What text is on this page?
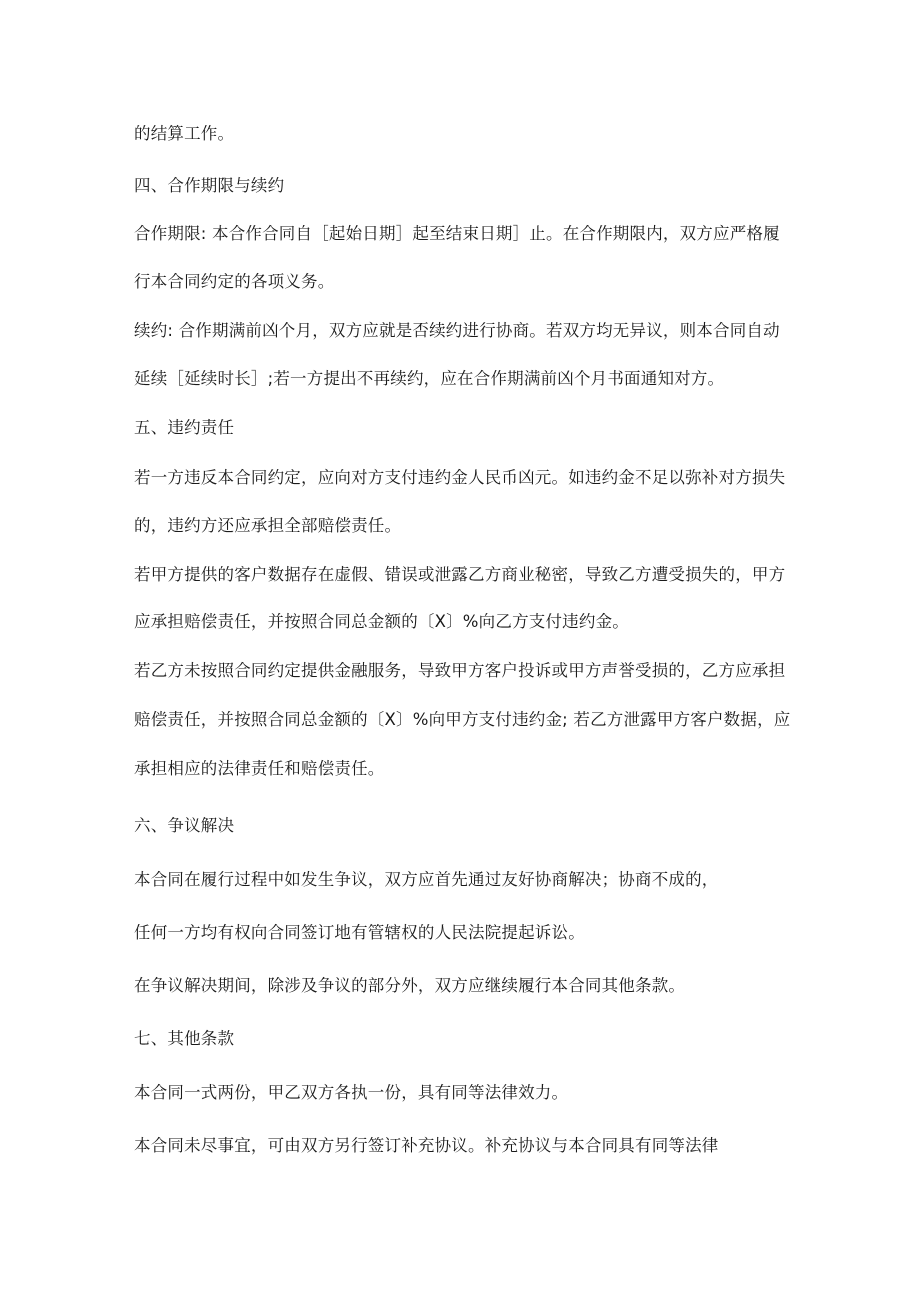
的结算工作。
四、合作期限与续约
合作期限: 本合作合同自［起始日期］起至结束日期］止。在合作期限内，双方应严格履
行本合同约定的各项义务。
续约: 合作期满前凶个月，双方应就是否续约进行协商。若双方均无异议，则本合同自动
延续［延续时长］;若一方提出不再续约，应在合作期满前凶个月书面通知对方。
五、违约责任
若一方违反本合同约定，应向对方支付违约金人民币凶元。如违约金不足以弥补对方损失
的，违约方还应承担全部赔偿责任。
若甲方提供的客户数据存在虚假、错误或泄露乙方商业秘密，导致乙方遭受损失的，甲方
应承担赔偿责任，并按照合同总金额的〔X〕%向乙方支付违约金。
若乙方未按照合同约定提供金融服务，导致甲方客户投诉或甲方声誉受损的，乙方应承担
赔偿责任，并按照合同总金额的〔X〕%向甲方支付违约金; 若乙方泄露甲方客户数据，应
承担相应的法律责任和赔偿责任。
六、争议解决
本合同在履行过程中如发生争议，双方应首先通过友好协商解决；协商不成的，
任何一方均有权向合同签订地有管辖权的人民法院提起诉讼。
在争议解决期间，除涉及争议的部分外，双方应继续履行本合同其他条款。
七、其他条款
本合同一式两份，甲乙双方各执一份，具有同等法律效力。
本合同未尽事宜，可由双方另行签订补充协议。补充协议与本合同具有同等法律
